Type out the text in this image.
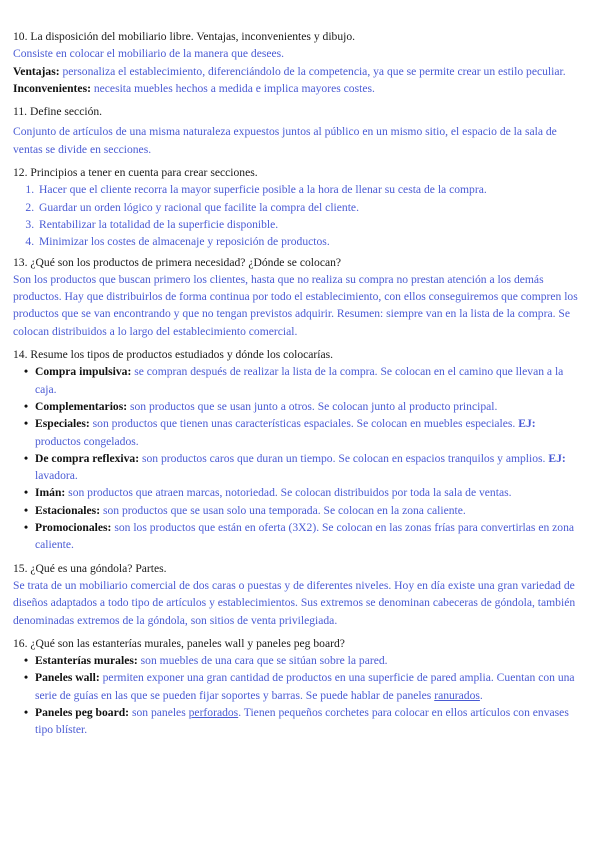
10. La disposición del mobiliario libre. Ventajas, inconvenientes y dibujo.

Consiste en colocar el mobiliario de la manera que desees.

Ventajas: personaliza el establecimiento, diferenciándolo de la competencia, ya que se permite crear un estilo peculiar.

Inconvenientes: necesita muebles hechos a medida e implica mayores costes.

11. Define sección.

Conjunto de artículos de una misma naturaleza expuestos juntos al público en un mismo sitio, el espacio de la sala de ventas se divide en secciones.

12. Principios a tener en cuenta para crear secciones.

1. Hacer que el cliente recorra la mayor superficie posible a la hora de llenar su cesta de la compra.
2. Guardar un orden lógico y racional que facilite la compra del cliente.
3. Rentabilizar la totalidad de la superficie disponible.
4. Minimizar los costes de almacenaje y reposición de productos.

13. ¿Qué son los productos de primera necesidad? ¿Dónde se colocan?

Son los productos que buscan primero los clientes, hasta que no realiza su compra no prestan atención a los demás productos. Hay que distribuirlos de forma continua por todo el establecimiento, con ellos conseguiremos que compren los productos que se van encontrando y que no tengan previstos adquirir. Resumen: siempre van en la lista de la compra. Se colocan distribuidos a lo largo del establecimiento comercial.

14. Resume los tipos de productos estudiados y dónde los colocarías.

• Compra impulsiva: se compran después de realizar la lista de la compra. Se colocan en el camino que llevan a la caja.
• Complementarios: son productos que se usan junto a otros. Se colocan junto al producto principal.
• Especiales: son productos que tienen unas características espaciales. Se colocan en muebles especiales. EJ: productos congelados.
• De compra reflexiva: son productos caros que duran un tiempo. Se colocan en espacios tranquilos y amplios. EJ: lavadora.
• Imán: son productos que atraen marcas, notoriedad. Se colocan distribuidos por toda la sala de ventas.
• Estacionales: son productos que se usan solo una temporada. Se colocan en la zona caliente.
• Promocionales: son los productos que están en oferta (3X2). Se colocan en las zonas frías para convertirlas en zona caliente.

15. ¿Qué es una góndola? Partes.

Se trata de un mobiliario comercial de dos caras o puestas y de diferentes niveles. Hoy en día existe una gran variedad de diseños adaptados a todo tipo de artículos y establecimientos. Sus extremos se denominan cabeceras de góndola, también denominadas extremos de la góndola, son sitios de venta privilegiada.

16. ¿Qué son las estanterías murales, paneles wall y paneles peg board?

• Estanterías murales: son muebles de una cara que se sitúan sobre la pared.
• Paneles wall: permiten exponer una gran cantidad de productos en una superficie de pared amplia. Cuentan con una serie de guías en las que se pueden fijar soportes y barras. Se puede hablar de paneles ranurados.
• Paneles peg board: son paneles perforados. Tienen pequeños corchetes para colocar en ellos artículos con envases tipo blíster.
